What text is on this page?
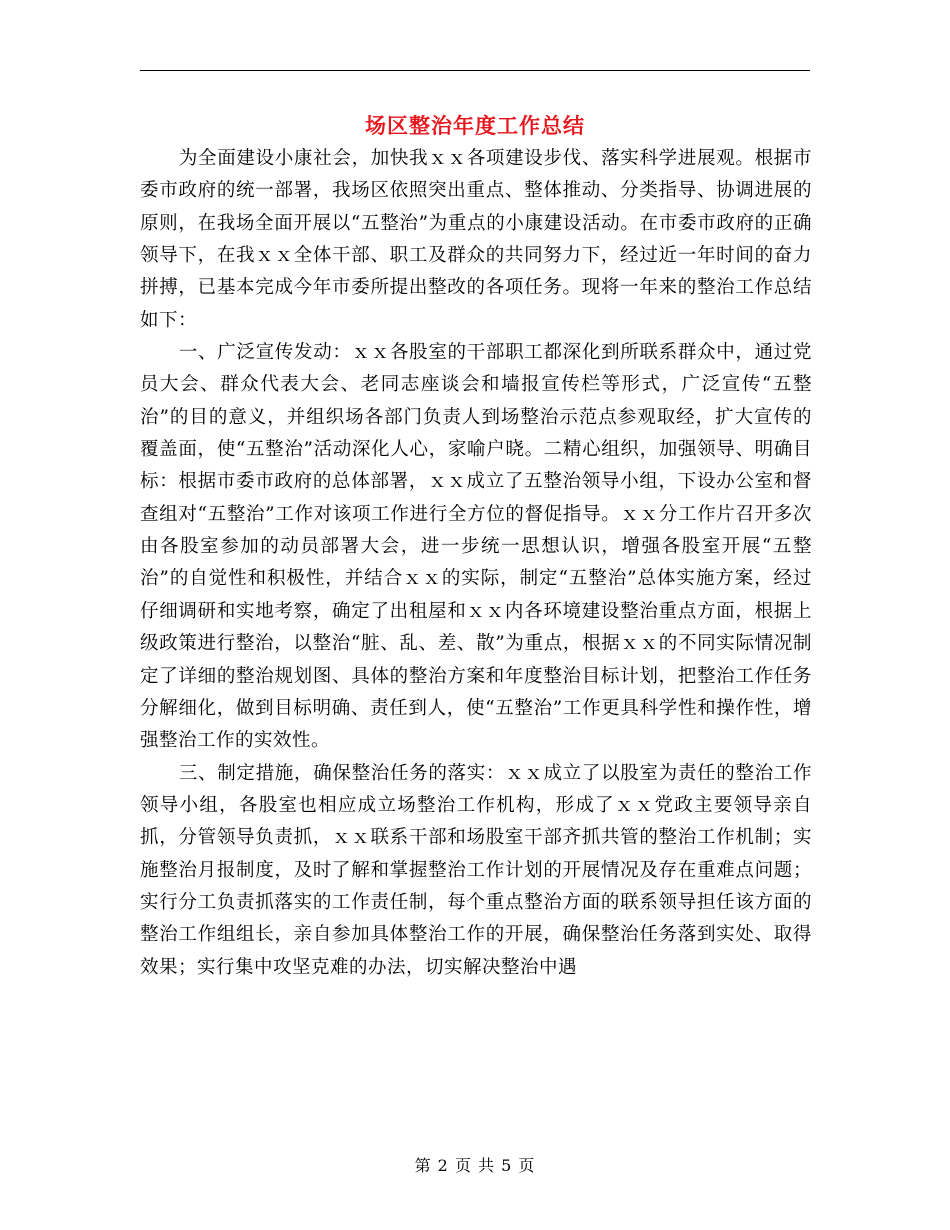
场区整治年度工作总结

为全面建设小康社会，加快我ｘｘ各项建设步伐、落实科学进展观。根据市委市政府的统一部署，我场区依照突出重点、整体推动、分类指导、协调进展的原则，在我场全面开展以“五整治”为重点的小康建设活动。在市委市政府的正确领导下，在我ｘｘ全体干部、职工及群众的共同努力下，经过近一年时间的奋力拼搏，已基本完成今年市委所提出整改的各项任务。现将一年来的整治工作总结如下：

一、广泛宣传发动：ｘｘ各股室的干部职工都深化到所联系群众中，通过党员大会、群众代表大会、老同志座谈会和墙报宣传栏等形式，广泛宣传“五整治”的目的意义，并组织场各部门负责人到场整治示范点参观取经，扩大宣传的覆盖面，使“五整治”活动深化人心，家喻户晓。二精心组织，加强领导、明确目标：根据市委市政府的总体部署，ｘｘ成立了五整治领导小组，下设办公室和督查组对“五整治”工作对该项工作进行全方位的督促指导。ｘｘ分工作片召开多次由各股室参加的动员部署大会，进一步统一思想认识，增强各股室开展“五整治”的自觉性和积极性，并结合ｘｘ的实际，制定“五整治”总体实施方案，经过仔细调研和实地考察，确定了出租屋和ｘｘ内各环境建设整治重点方面，根据上级政策进行整治，以整治“脏、乱、差、散”为重点，根据ｘｘ的不同实际情况制定了详细的整治规划图、具体的整治方案和年度整治目标计划，把整治工作任务分解细化，做到目标明确、责任到人，使“五整治”工作更具科学性和操作性，增强整治工作的实效性。

三、制定措施，确保整治任务的落实：ｘｘ成立了以股室为责任的整治工作领导小组，各股室也相应成立场整治工作机构，形成了ｘｘ党政主要领导亲自抓，分管领导负责抓，ｘｘ联系干部和场股室干部齐抓共管的整治工作机制；实施整治月报制度，及时了解和掌握整治工作计划的开展情况及存在重难点问题；实行分工负责抓落实的工作责任制，每个重点整治方面的联系领导担任该方面的整治工作组组长，亲自参加具体整治工作的开展，确保整治任务落到实处、取得效果；实行集中攻坚克难的办法，切实解决整治中遇

第 2 页 共 5 页
